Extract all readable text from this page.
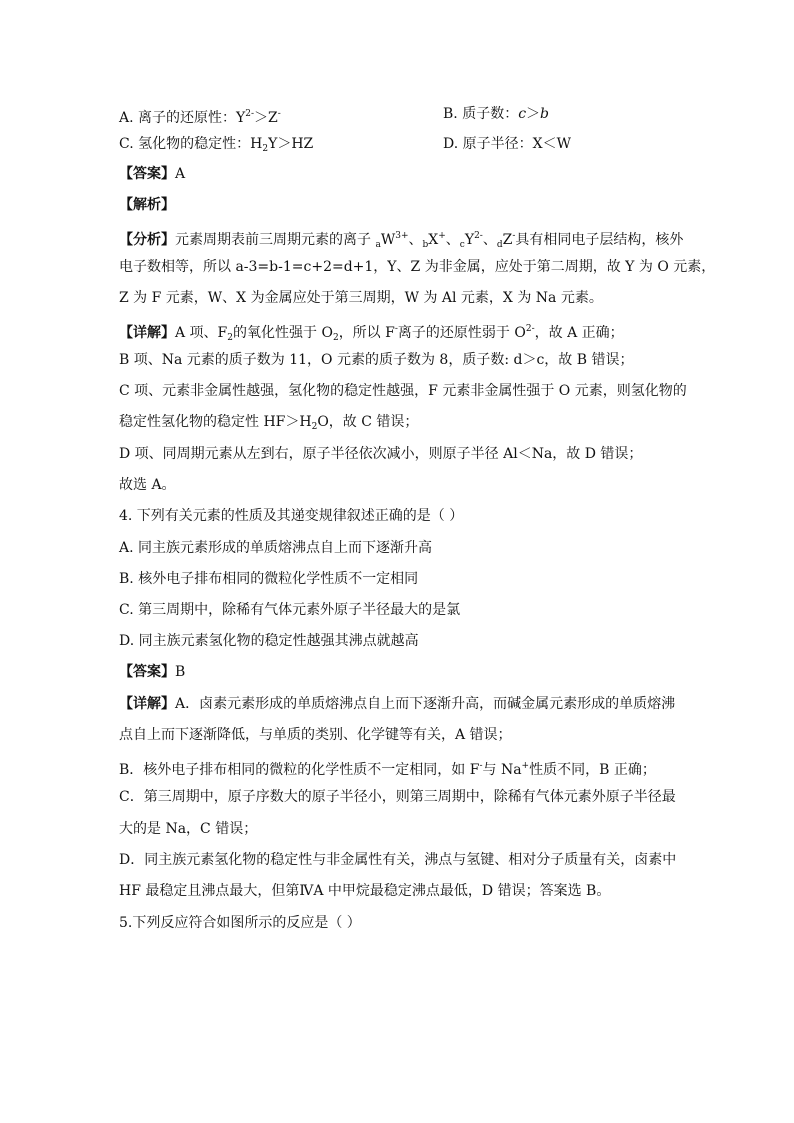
A. 离子的还原性：$Y^{2-}>Z^-$	B. 质子数：c＞b
C. 氢化物的稳定性：$H_2Y>HZ$	D. 原子半径：X＜W
【答案】A
【解析】
【分析】元素周期表前三周期元素的离子 $_aW^{3+}$、$_b$X+、$_cY^{2-}$、$_d$Z-具有相同电子层结构，核外
电子数相等，所以 a-3=b-1=c+2=d+1，Y、Z 为非金属，应处于第二周期，故 Y 为 O 元素，
Z 为 F 元素，W、X 为金属应处于第三周期，W 为 Al 元素，X 为 Na 元素。
【详解】A 项、$F_2$的氧化性强于 $O_2$，所以 F-离子的还原性弱于 $O^{2-}$，故 A 正确；
B 项、Na 元素的质子数为 11，O 元素的质子数为 8，质子数: d＞c，故 B 错误；
C 项、元素非金属性越强，氢化物的稳定性越强，F 元素非金属性强于 O 元素，则氢化物的
稳定性氢化物的稳定性 $HF>H_2O$，故 C 错误；
D 项、同周期元素从左到右，原子半径依次减小，则原子半径 Al＜Na，故 D 错误；
故选 A。
4. 下列有关元素的性质及其递变规律叙述正确的是（ ）
A. 同主族元素形成的单质熔沸点自上而下逐渐升高
B. 核外电子排布相同的微粒化学性质不一定相同
C. 第三周期中，除稀有气体元素外原子半径最大的是氯
D. 同主族元素氢化物的稳定性越强其沸点就越高
【答案】B
【详解】A．卤素元素形成的单质熔沸点自上而下逐渐升高，而碱金属元素形成的单质熔沸
点自上而下逐渐降低，与单质的类别、化学键等有关，A 错误；
B．核外电子排布相同的微粒的化学性质不一定相同，如 F-与 Na+性质不同，B 正确；
C．第三周期中，原子序数大的原子半径小，则第三周期中，除稀有气体元素外原子半径最
大的是 Na，C 错误；
D．同主族元素氢化物的稳定性与非金属性有关，沸点与氢键、相对分子质量有关，卤素中
HF 最稳定且沸点最大，但第ⅣA 中甲烷最稳定沸点最低，D 错误；答案选 B。
5.下列反应符合如图所示的反应是（ ）
